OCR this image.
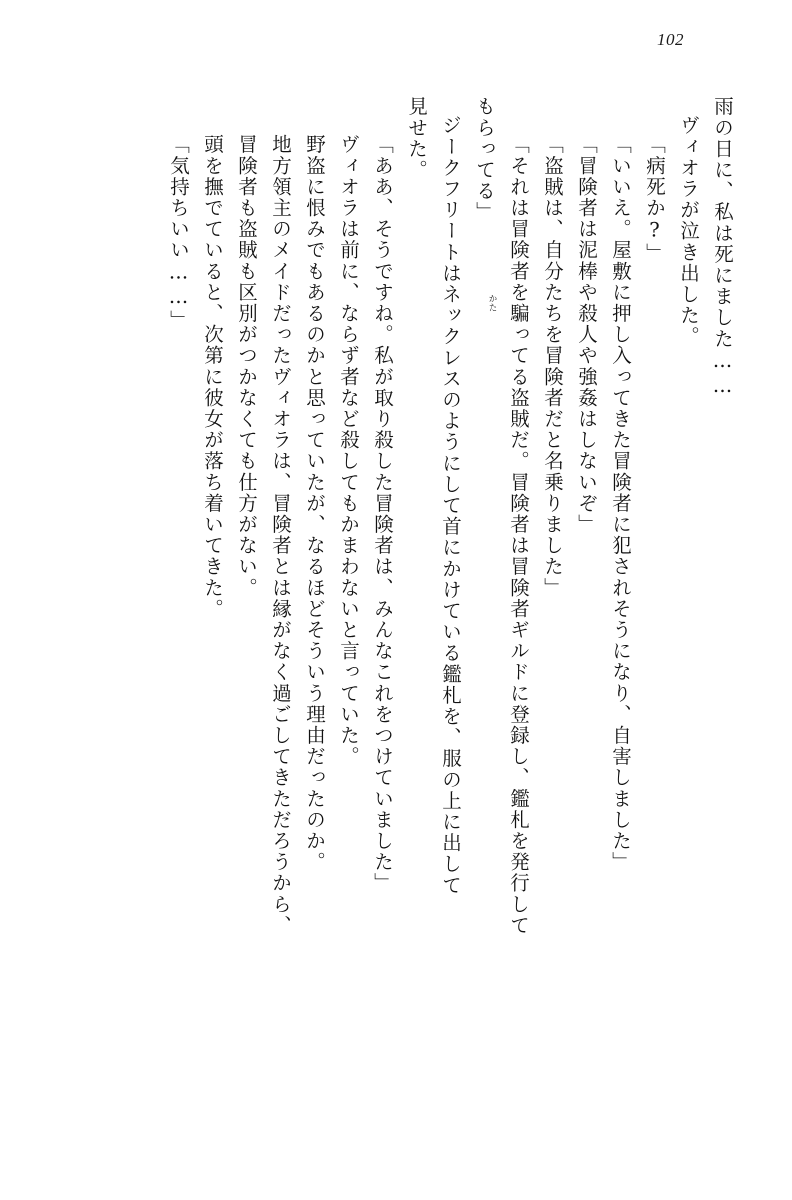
102
「気持ちいい……」 頭を撫でていると、次第に彼女が落ち着いてきた。 冒険者も盗賊も区別がつかなくても仕方がない。 地方領主のメイドだったヴィオラは、冒険者とは縁がなく過ごしてきただろうから、 野盗に恨みでもあるのかと思っていたが、なるほどそういう理由だったのか。 ヴィオラは前に、ならず者など殺してもかまわないと言っていた。 「ああ、そうですね。私が取り殺した冒険者は、みんなこれをつけていました」 見せた。 ジークフリートはネックレスのようにして首にかけている鑑札を、服の上に出して もらってる」 「それは冒険者を騙ってる盗賊だ。冒険者は冒険者ギルドに登録し、鑑札を発行して 「盗賊は、自分たちを冒険者だと名乗りました」 「冒険者は泥棒や殺人や強姦はしないぞ」 「いいえ。屋敷に押し入ってきた冒険者に犯されそうになり、自害しました」 「病死か?」 ヴィオラが泣き出した。 雨の日に、私は死にました……
かた
